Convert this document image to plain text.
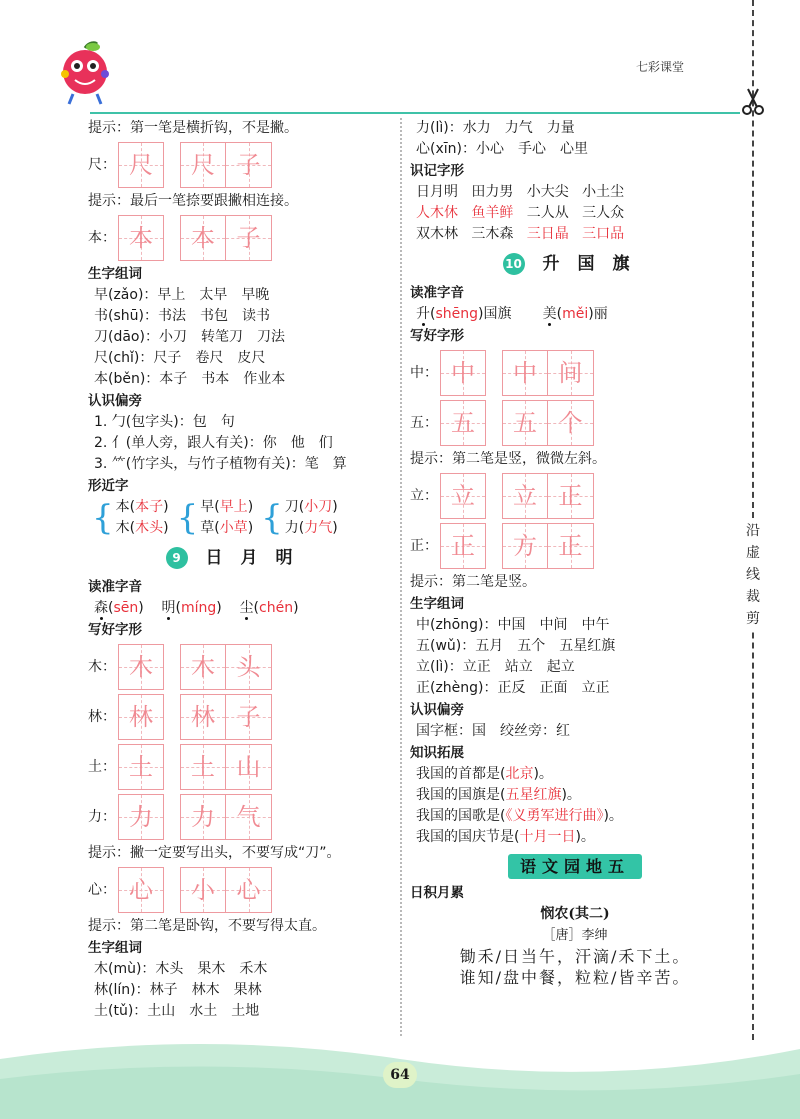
七彩课堂
沿虚线裁剪
提示：第一笔是横折钩，不是撇。
尺： 尺 尺 子
提示：最后一笔捺要跟撇相连接。
本： 本 本 子
生字组词
早(zǎo)：早上　太早　早晚
书(shū)：书法　书包　读书
刀(dāo)：小刀　转笔刀　刀法
尺(chǐ)：尺子　卷尺　皮尺
本(běn)：本子　书本　作业本
认识偏旁
1. 勹(包字头)：包　句
2. 亻(单人旁，跟人有关)：你　他　们
3. ⺮(竹字头，与竹子植物有关)：笔　算
形近字
{ 本(本子)
木(木头) { 早(早上)
草(小草) { 刀(小刀)
力(力气)
9	日月明
读准字音
森(sēn)    明(míng)    尘(chén)
写好字形
木： 木 木 头
林： 林 林 子
土： 土 土 山
力： 力 力 气
提示：撇一定要写出头，不要写成“刀”。
心： 心 小 心
提示：第二笔是卧钩，不要写得太直。
生字组词
木(mù)：木头　果木　禾木
林(lín)：林子　林木　果林
土(tǔ)：土山　水土　土地
力(lì)：水力　力气　力量
心(xīn)：小心　手心　心里
识记字形
日月明 田力男 小大尖 小土尘
人木休 鱼羊鲜 二人从 三人众
双木林 三木森 三日晶 三口品
10 升国旗
读准字音
升(shēng)国旗 美(měi)丽
写好字形
中： 中 中 间
五： 五 五 个
提示：第二笔是竖，微微左斜。
立： 立 立 正
正： 正 方 正
提示：第二笔是竖。
生字组词
中(zhōng)：中国　中间　中午
五(wǔ)：五月　五个　五星红旗
立(lì)：立正　站立　起立
正(zhèng)：正反　正面　立正
认识偏旁
国字框：国　绞丝旁：红
知识拓展
我国的首都是(北京)。
我国的国旗是(五星红旗)。
我国的国歌是(《义勇军进行曲》)。
我国的国庆节是(十月一日)。
语文园地五
日积月累
悯农(其二)
［唐］李绅
锄禾/日当午，汗滴/禾下土。
谁知/盘中餐，粒粒/皆辛苦。
64
